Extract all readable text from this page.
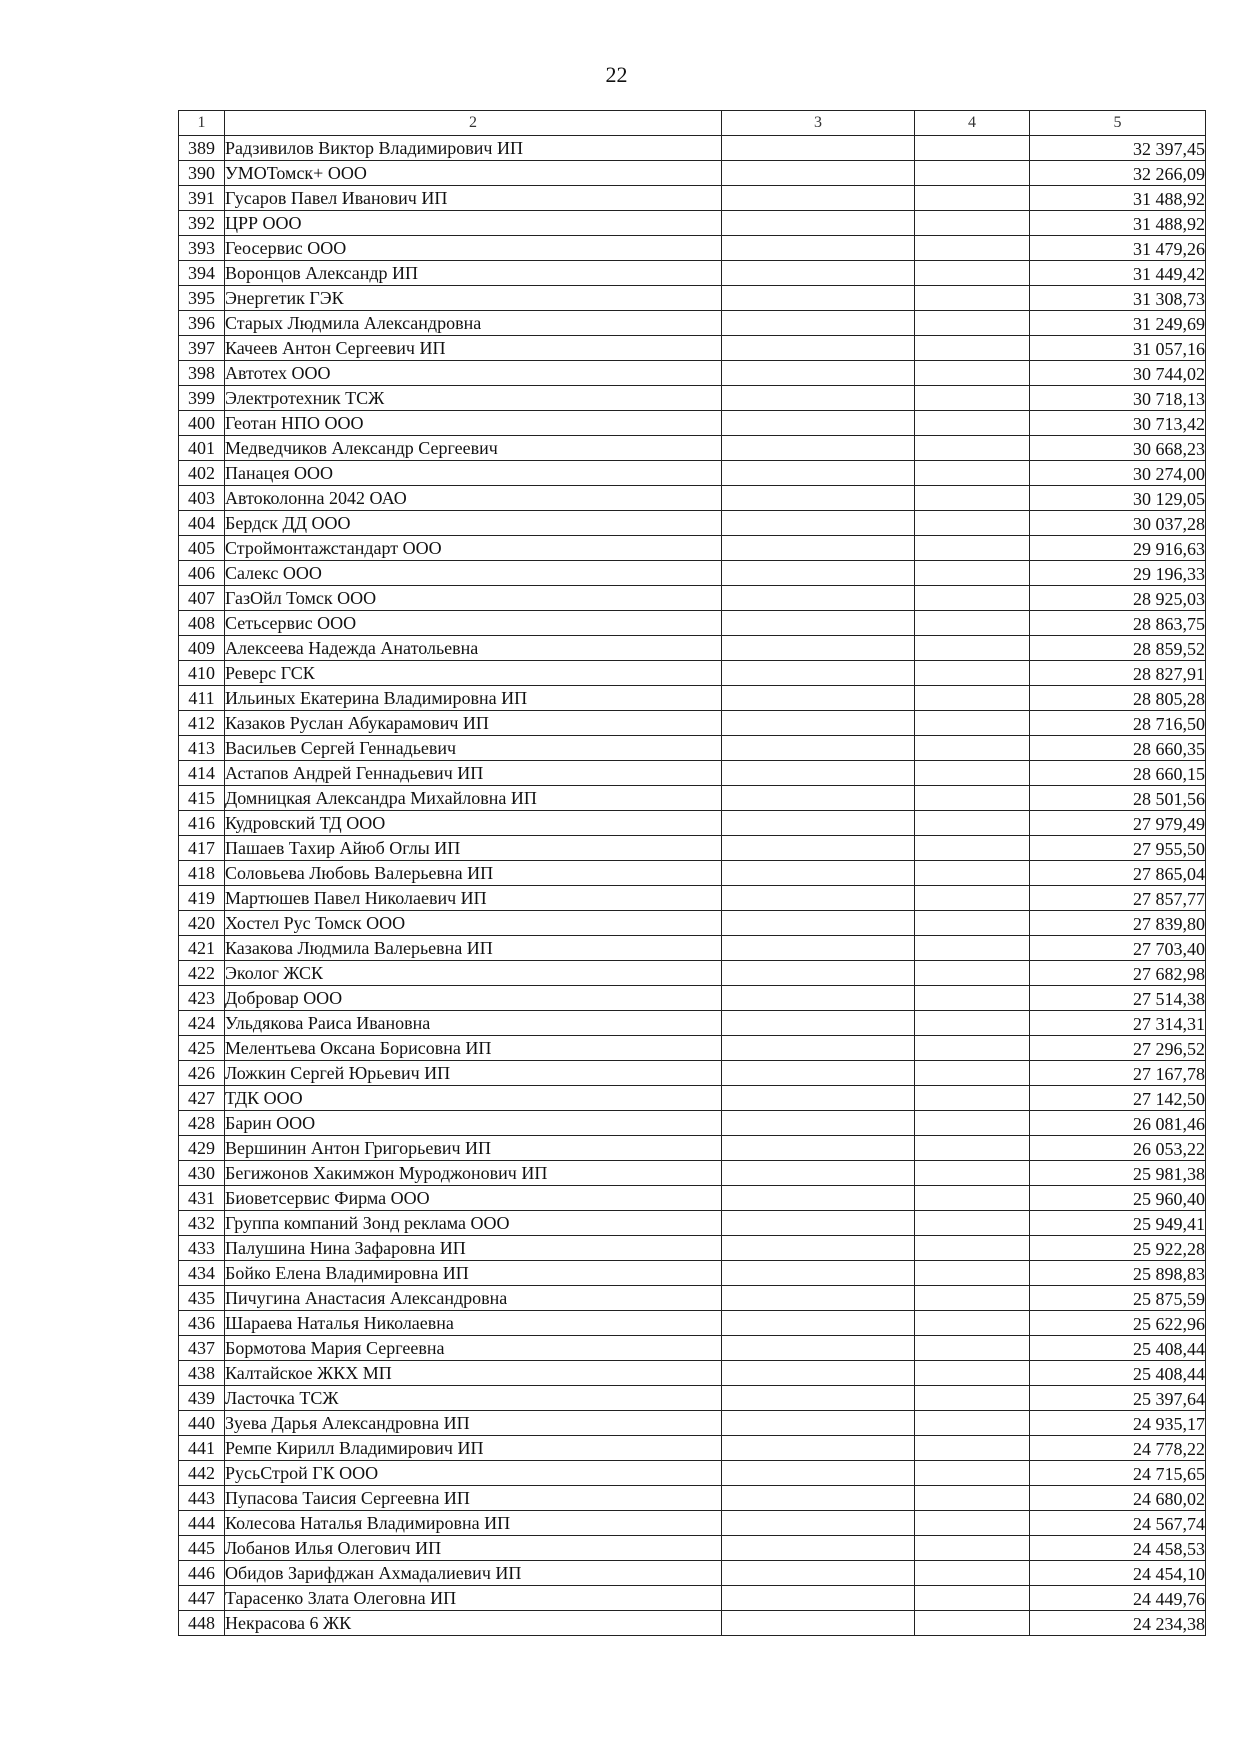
22
1	2	3	4	5
389	Радзивилов Виктор Владимирович ИП			32 397,45
390	УМОТомск+ ООО			32 266,09
391	Гусаров Павел Иванович ИП			31 488,92
392	ЦРР ООО			31 488,92
393	Геосервис ООО			31 479,26
394	Воронцов Александр ИП			31 449,42
395	Энергетик ГЭК			31 308,73
396	Старых Людмила Александровна			31 249,69
397	Качеев Антон Сергеевич ИП			31 057,16
398	Автотех ООО			30 744,02
399	Электротехник ТСЖ			30 718,13
400	Геотан НПО ООО			30 713,42
401	Медведчиков Александр Сергеевич			30 668,23
402	Панацея ООО			30 274,00
403	Автоколонна 2042 ОАО			30 129,05
404	Бердск ДД ООО			30 037,28
405	Строймонтажстандарт ООО			29 916,63
406	Салекс ООО			29 196,33
407	ГазОйл Томск ООО			28 925,03
408	Сетьсервис ООО			28 863,75
409	Алексеева Надежда Анатольевна			28 859,52
410	Реверс ГСК			28 827,91
411	Ильиных Екатерина Владимировна ИП			28 805,28
412	Казаков Руслан Абукарамович ИП			28 716,50
413	Васильев Сергей Геннадьевич			28 660,35
414	Астапов Андрей Геннадьевич ИП			28 660,15
415	Домницкая Александра Михайловна ИП			28 501,56
416	Кудровский ТД ООО			27 979,49
417	Пашаев Тахир Айюб Оглы ИП			27 955,50
418	Соловьева Любовь Валерьевна ИП			27 865,04
419	Мартюшев Павел Николаевич ИП			27 857,77
420	Хостел Рус Томск ООО			27 839,80
421	Казакова Людмила Валерьевна ИП			27 703,40
422	Эколог ЖСК			27 682,98
423	Добровар ООО			27 514,38
424	Ульдякова Раиса Ивановна			27 314,31
425	Мелентьева Оксана Борисовна ИП			27 296,52
426	Ложкин Сергей Юрьевич ИП			27 167,78
427	ТДК ООО			27 142,50
428	Барин ООО			26 081,46
429	Вершинин Антон Григорьевич ИП			26 053,22
430	Бегижонов Хакимжон Муроджонович ИП			25 981,38
431	Биоветсервис Фирма ООО			25 960,40
432	Группа компаний Зонд реклама ООО			25 949,41
433	Палушина Нина Зафаровна ИП			25 922,28
434	Бойко Елена Владимировна ИП			25 898,83
435	Пичугина Анастасия Александровна			25 875,59
436	Шараева Наталья Николаевна			25 622,96
437	Бормотова Мария Сергеевна			25 408,44
438	Калтайское ЖКХ МП			25 408,44
439	Ласточка ТСЖ			25 397,64
440	Зуева Дарья Александровна ИП			24 935,17
441	Ремпе Кирилл Владимирович ИП			24 778,22
442	РусьСтрой ГК ООО			24 715,65
443	Пупасова Таисия Сергеевна ИП			24 680,02
444	Колесова Наталья Владимировна ИП			24 567,74
445	Лобанов Илья Олегович ИП			24 458,53
446	Обидов Зарифджан Ахмадалиевич ИП			24 454,10
447	Тарасенко Злата Олеговна ИП			24 449,76
448	Некрасова 6 ЖК			24 234,38
